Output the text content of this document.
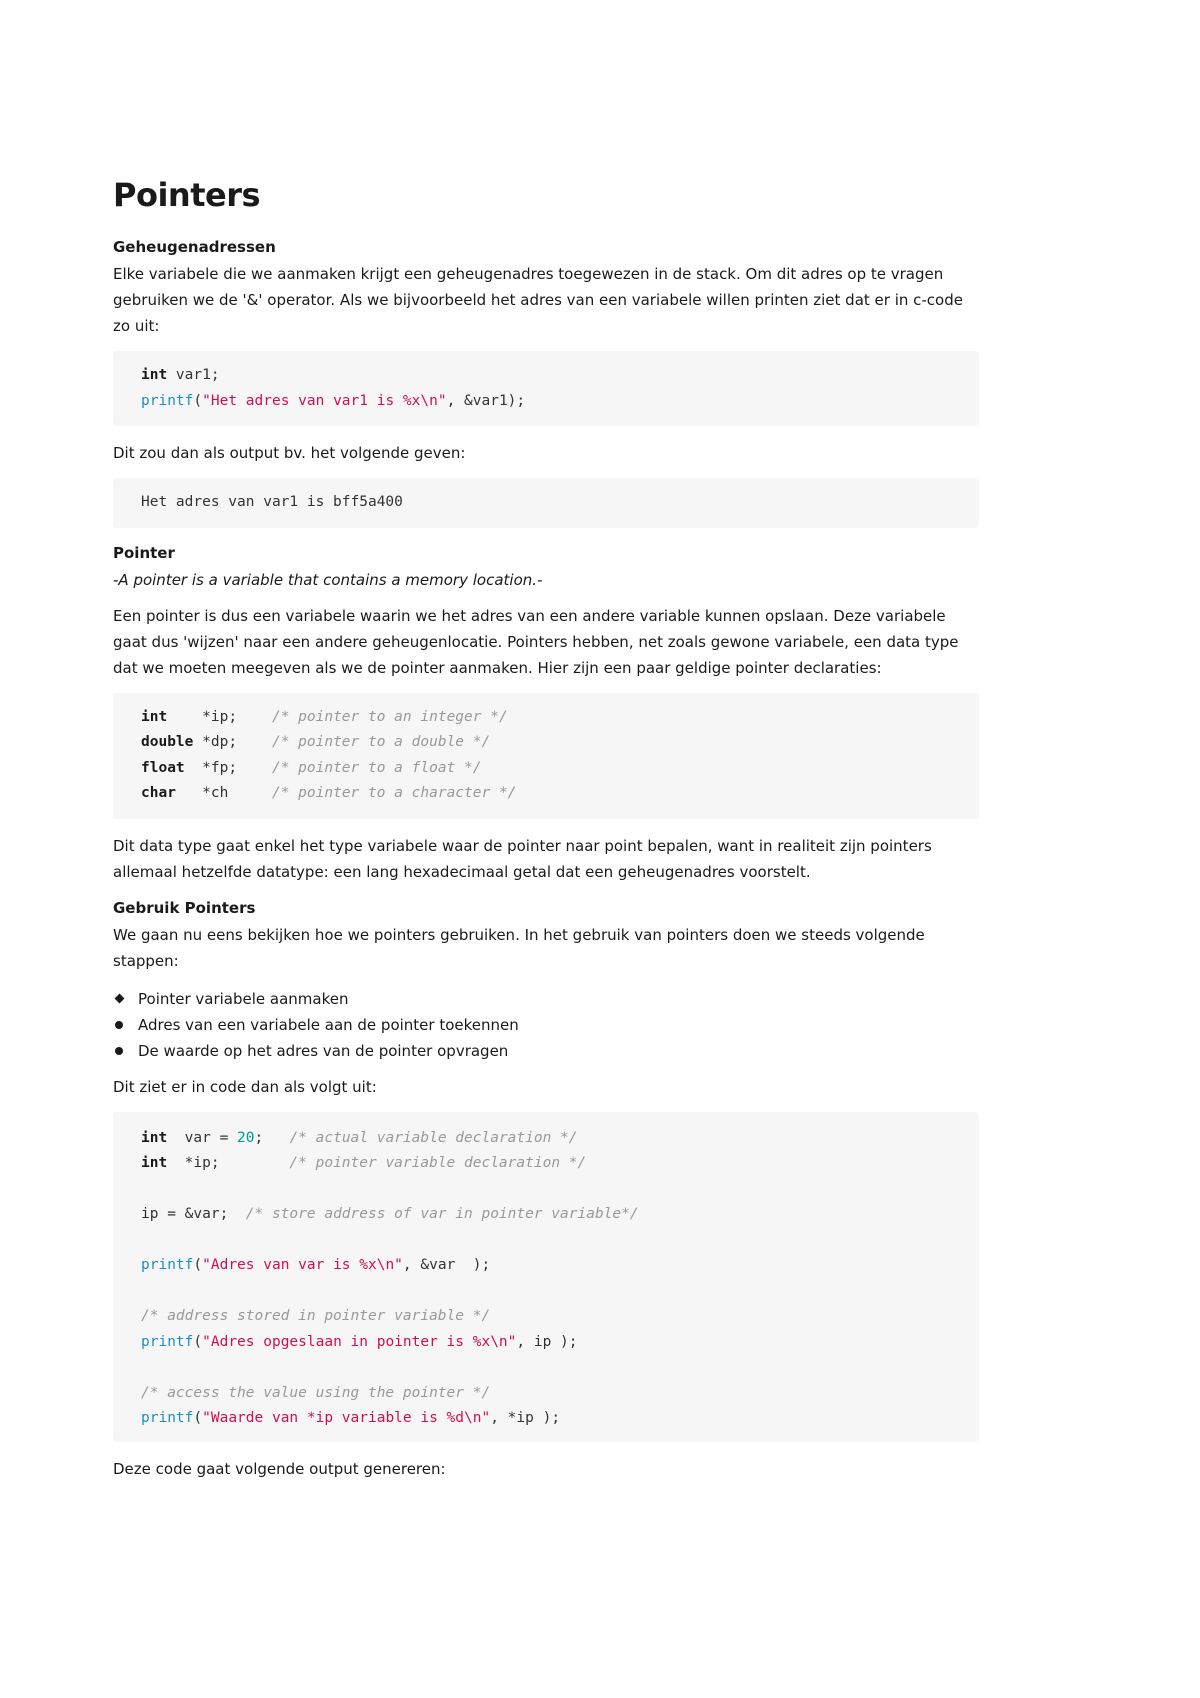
Pointers
Geheugenadressen

Elke variabele die we aanmaken krijgt een geheugenadres toegewezen in de stack. Om dit adres op te vragen gebruiken we de '&' operator. Als we bijvoorbeeld het adres van een variabele willen printen ziet dat er in c-code zo uit:

int var1;
printf("Het adres van var1 is %x\n", &var1);

Dit zou dan als output bv. het volgende geven:

Het adres van var1 is bff5a400
Pointer

-A pointer is a variable that contains a memory location.-

Een pointer is dus een variabele waarin we het adres van een andere variable kunnen opslaan. Deze variabele gaat dus 'wijzen' naar een andere geheugenlocatie. Pointers hebben, net zoals gewone variabele, een data type dat we moeten meegeven als we de pointer aanmaken. Hier zijn een paar geldige pointer declaraties:

int *ip; /* pointer to an integer */
double *dp; /* pointer to a double */
float *fp; /* pointer to a float */
char *ch	/* pointer to a character */

Dit data type gaat enkel het type variabele waar de pointer naar point bepalen, want in realiteit zijn pointers allemaal hetzelfde datatype: een lang hexadecimaal getal dat een geheugenadres voorstelt.

Gebruik Pointers

We gaan nu eens bekijken hoe we pointers gebruiken. In het gebruik van pointers doen we steeds volgende stappen:

Pointer variabele aanmaken
Adres van een variabele aan de pointer toekennen
De waarde op het adres van de pointer opvragen

Dit ziet er in code dan als volgt uit:

int  var = 20;   /* actual variable declaration */
int  *ip;        /* pointer variable declaration */
ip = &var;  /* store address of var in pointer variable*/
printf("Adres van var is %x\n", &var  );
/* address stored in pointer variable */
printf("Adres opgeslaan in pointer is %x\n", ip );
/* access the value using the pointer */
printf("Waarde van *ip variable is %d\n", *ip );

Deze code gaat volgende output genereren:
